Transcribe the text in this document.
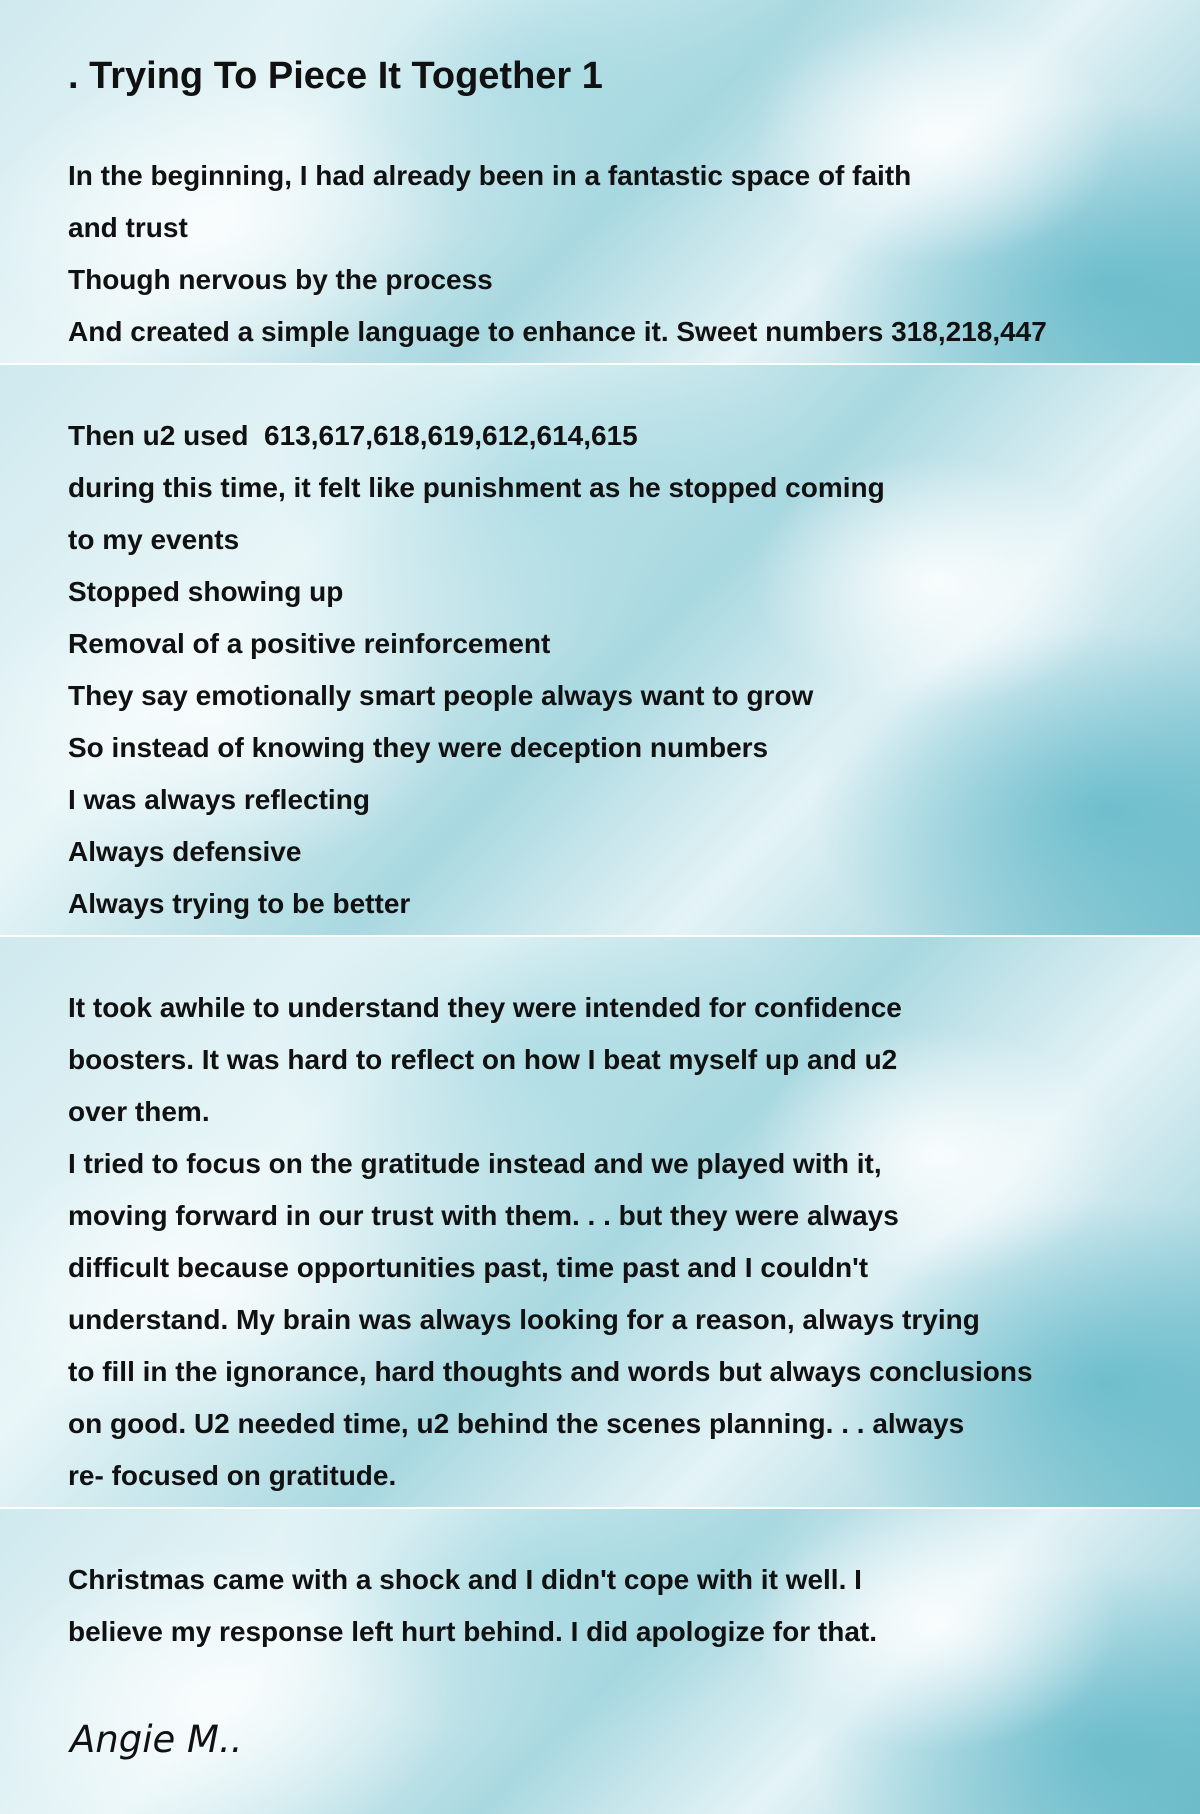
. Trying To Piece It Together 1
In the beginning, I had already been in a fantastic space of faith
and trust
Though nervous by the process
And created a simple language to enhance it. Sweet numbers 318,218,447
Then u2 used  613,617,618,619,612,614,615
during this time, it felt like punishment as he stopped coming
to my events
Stopped showing up
Removal of a positive reinforcement
They say emotionally smart people always want to grow
So instead of knowing they were deception numbers
I was always reflecting
Always defensive
Always trying to be better
It took awhile to understand they were intended for confidence
boosters. It was hard to reflect on how I beat myself up and u2
over them.
I tried to focus on the gratitude instead and we played with it,
moving forward in our trust with them. . . but they were always
difficult because opportunities past, time past and I couldn't
understand. My brain was always looking for a reason, always trying
to fill in the ignorance, hard thoughts and words but always conclusions
on good. U2 needed time, u2 behind the scenes planning. . . always
re- focused on gratitude.
Christmas came with a shock and I didn't cope with it well. I
believe my response left hurt behind. I did apologize for that.
Angie M..
